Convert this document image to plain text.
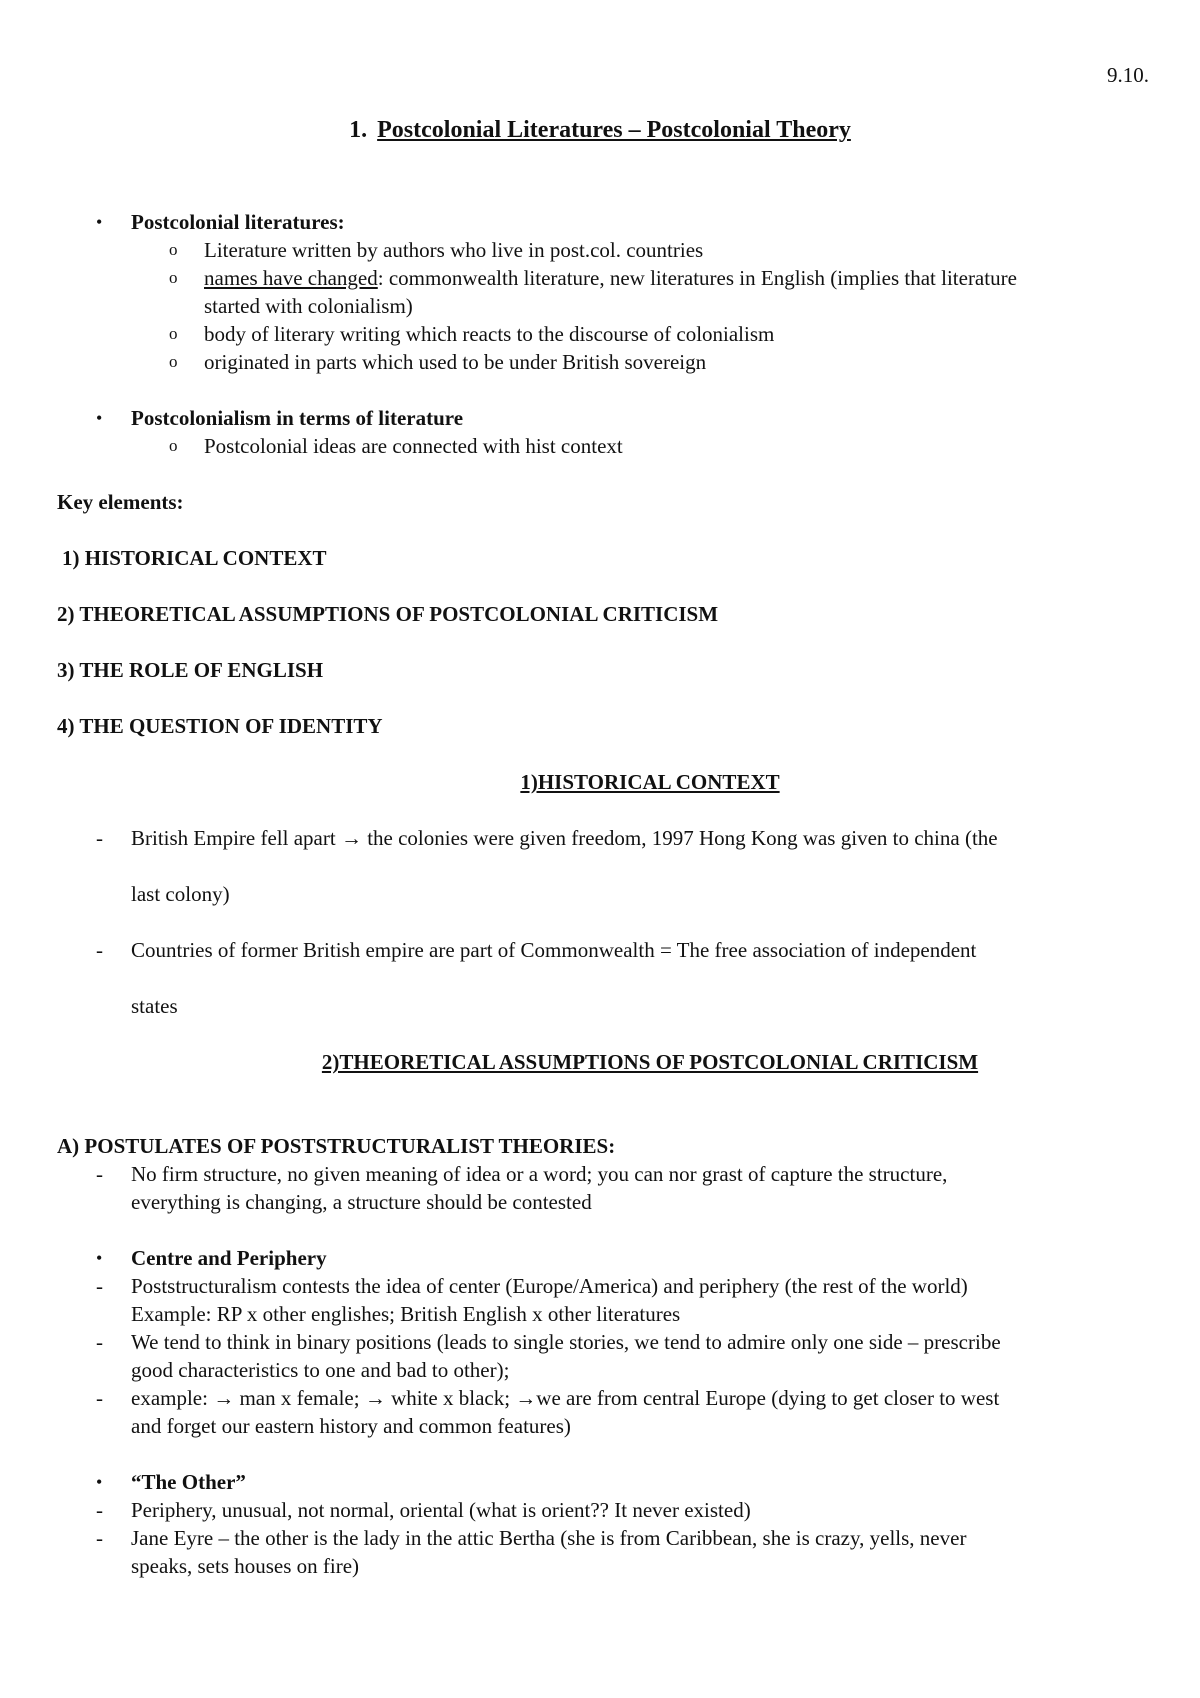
9.10.
1. Postcolonial Literatures – Postcolonial Theory
• Postcolonial literatures:
o Literature written by authors who live in post.col. countries
o names have changed: commonwealth literature, new literatures in English (implies that literature
started with colonialism)
o body of literary writing which reacts to the discourse of colonialism
o originated in parts which used to be under British sovereign
• Postcolonialism in terms of literature
o Postcolonial ideas are connected with hist context
Key elements:
1) HISTORICAL CONTEXT
2) THEORETICAL ASSUMPTIONS OF POSTCOLONIAL CRITICISM
3) THE ROLE OF ENGLISH
4) THE QUESTION OF IDENTITY
1)HISTORICAL CONTEXT
- British Empire fell apart → the colonies were given freedom, 1997 Hong Kong was given to china (the
last colony)
- Countries of former British empire are part of Commonwealth = The free association of independent
states
2)THEORETICAL ASSUMPTIONS OF POSTCOLONIAL CRITICISM
A) POSTULATES OF POSTSTRUCTURALIST THEORIES:
- No firm structure, no given meaning of idea or a word; you can nor grast of capture the structure,
everything is changing, a structure should be contested
• Centre and Periphery
- Poststructuralism contests the idea of center (Europe/America) and periphery (the rest of the world)
Example: RP x other englishes; British English x other literatures
- We tend to think in binary positions (leads to single stories, we tend to admire only one side – prescribe
good characteristics to one and bad to other);
- example: → man x female; → white x black; →we are from central Europe (dying to get closer to west
and forget our eastern history and common features)
• “The Other”
- Periphery, unusual, not normal, oriental (what is orient?? It never existed)
- Jane Eyre – the other is the lady in the attic Bertha (she is from Caribbean, she is crazy, yells, never
speaks, sets houses on fire)
